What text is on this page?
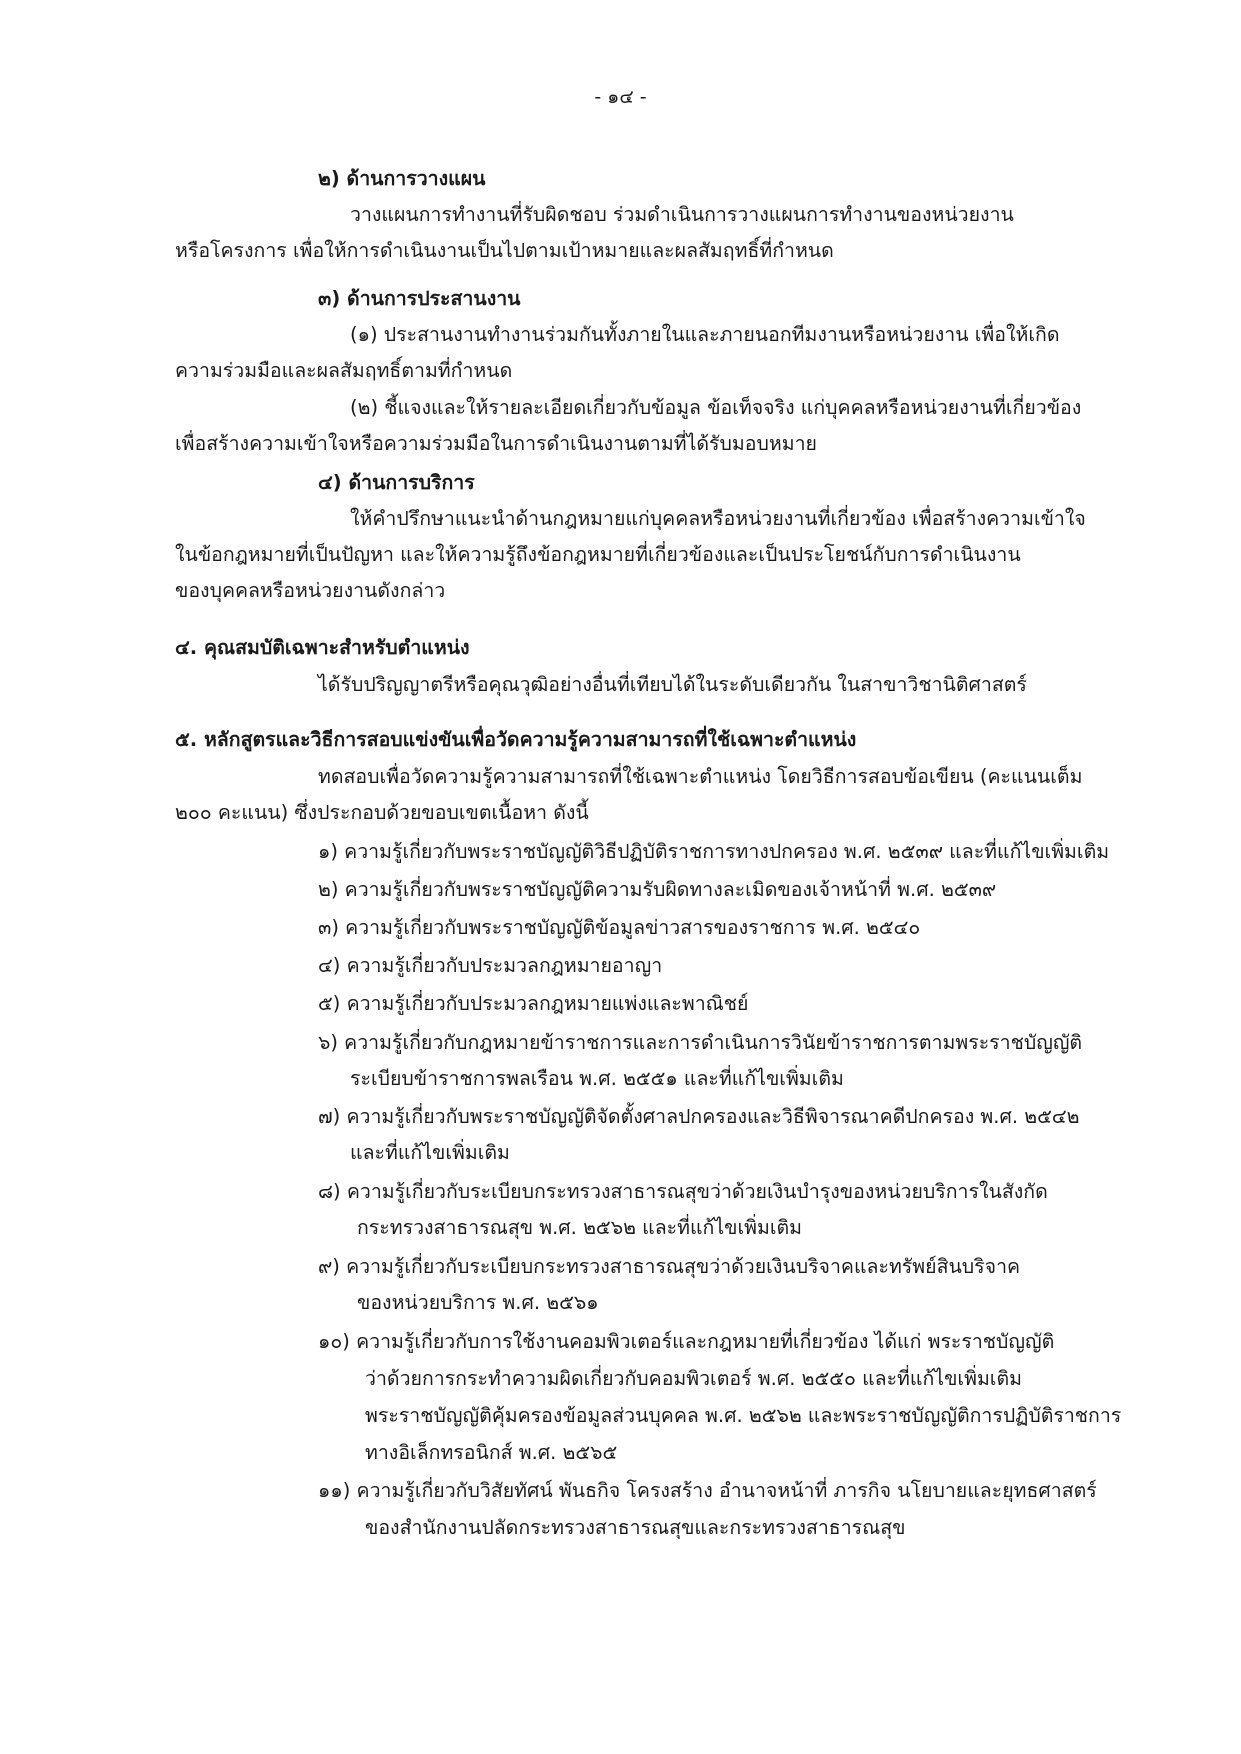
- ๑๔ -
๒) ด้านการวางแผน
วางแผนการทำงานที่รับผิดชอบ ร่วมดำเนินการวางแผนการทำงานของหน่วยงาน
หรือโครงการ เพื่อให้การดำเนินงานเป็นไปตามเป้าหมายและผลสัมฤทธิ์ที่กำหนด
๓) ด้านการประสานงาน
(๑) ประสานงานทำงานร่วมกันทั้งภายในและภายนอกทีมงานหรือหน่วยงาน เพื่อให้เกิด
ความร่วมมือและผลสัมฤทธิ์ตามที่กำหนด
(๒) ชี้แจงและให้รายละเอียดเกี่ยวกับข้อมูล ข้อเท็จจริง แก่บุคคลหรือหน่วยงานที่เกี่ยวข้อง
เพื่อสร้างความเข้าใจหรือความร่วมมือในการดำเนินงานตามที่ได้รับมอบหมาย
๔) ด้านการบริการ
ให้คำปรึกษาแนะนำด้านกฎหมายแก่บุคคลหรือหน่วยงานที่เกี่ยวข้อง เพื่อสร้างความเข้าใจ
ในข้อกฎหมายที่เป็นปัญหา และให้ความรู้ถึงข้อกฎหมายที่เกี่ยวข้องและเป็นประโยชน์กับการดำเนินงาน
ของบุคคลหรือหน่วยงานดังกล่าว
๔. คุณสมบัติเฉพาะสำหรับตำแหน่ง
ได้รับปริญญาตรีหรือคุณวุฒิอย่างอื่นที่เทียบได้ในระดับเดียวกัน ในสาขาวิชานิติศาสตร์
๕. หลักสูตรและวิธีการสอบแข่งขันเพื่อวัดความรู้ความสามารถที่ใช้เฉพาะตำแหน่ง
ทดสอบเพื่อวัดความรู้ความสามารถที่ใช้เฉพาะตำแหน่ง โดยวิธีการสอบข้อเขียน (คะแนนเต็ม
๒๐๐ คะแนน) ซึ่งประกอบด้วยขอบเขตเนื้อหา ดังนี้
๑) ความรู้เกี่ยวกับพระราชบัญญัติวิธีปฏิบัติราชการทางปกครอง พ.ศ. ๒๕๓๙ และที่แก้ไขเพิ่มเติม
๒) ความรู้เกี่ยวกับพระราชบัญญัติความรับผิดทางละเมิดของเจ้าหน้าที่ พ.ศ. ๒๕๓๙
๓) ความรู้เกี่ยวกับพระราชบัญญัติข้อมูลข่าวสารของราชการ พ.ศ. ๒๕๔๐
๔) ความรู้เกี่ยวกับประมวลกฎหมายอาญา
๕) ความรู้เกี่ยวกับประมวลกฎหมายแพ่งและพาณิชย์
๖) ความรู้เกี่ยวกับกฎหมายข้าราชการและการดำเนินการวินัยข้าราชการตามพระราชบัญญัติ
ระเบียบข้าราชการพลเรือน พ.ศ. ๒๕๕๑ และที่แก้ไขเพิ่มเติม
๗) ความรู้เกี่ยวกับพระราชบัญญัติจัดตั้งศาลปกครองและวิธีพิจารณาคดีปกครอง พ.ศ. ๒๕๔๒
และที่แก้ไขเพิ่มเติม
๘) ความรู้เกี่ยวกับระเบียบกระทรวงสาธารณสุขว่าด้วยเงินบำรุงของหน่วยบริการในสังกัด
กระทรวงสาธารณสุข พ.ศ. ๒๕๖๒ และที่แก้ไขเพิ่มเติม
๙) ความรู้เกี่ยวกับระเบียบกระทรวงสาธารณสุขว่าด้วยเงินบริจาคและทรัพย์สินบริจาค
ของหน่วยบริการ พ.ศ. ๒๕๖๑
๑๐) ความรู้เกี่ยวกับการใช้งานคอมพิวเตอร์และกฎหมายที่เกี่ยวข้อง ได้แก่ พระราชบัญญัติ
ว่าด้วยการกระทำความผิดเกี่ยวกับคอมพิวเตอร์ พ.ศ. ๒๕๕๐ และที่แก้ไขเพิ่มเติม
พระราชบัญญัติคุ้มครองข้อมูลส่วนบุคคล พ.ศ. ๒๕๖๒ และพระราชบัญญัติการปฏิบัติราชการ
ทางอิเล็กทรอนิกส์ พ.ศ. ๒๕๖๕
๑๑) ความรู้เกี่ยวกับวิสัยทัศน์ พันธกิจ โครงสร้าง อำนาจหน้าที่ ภารกิจ นโยบายและยุทธศาสตร์
ของสำนักงานปลัดกระทรวงสาธารณสุขและกระทรวงสาธารณสุข
